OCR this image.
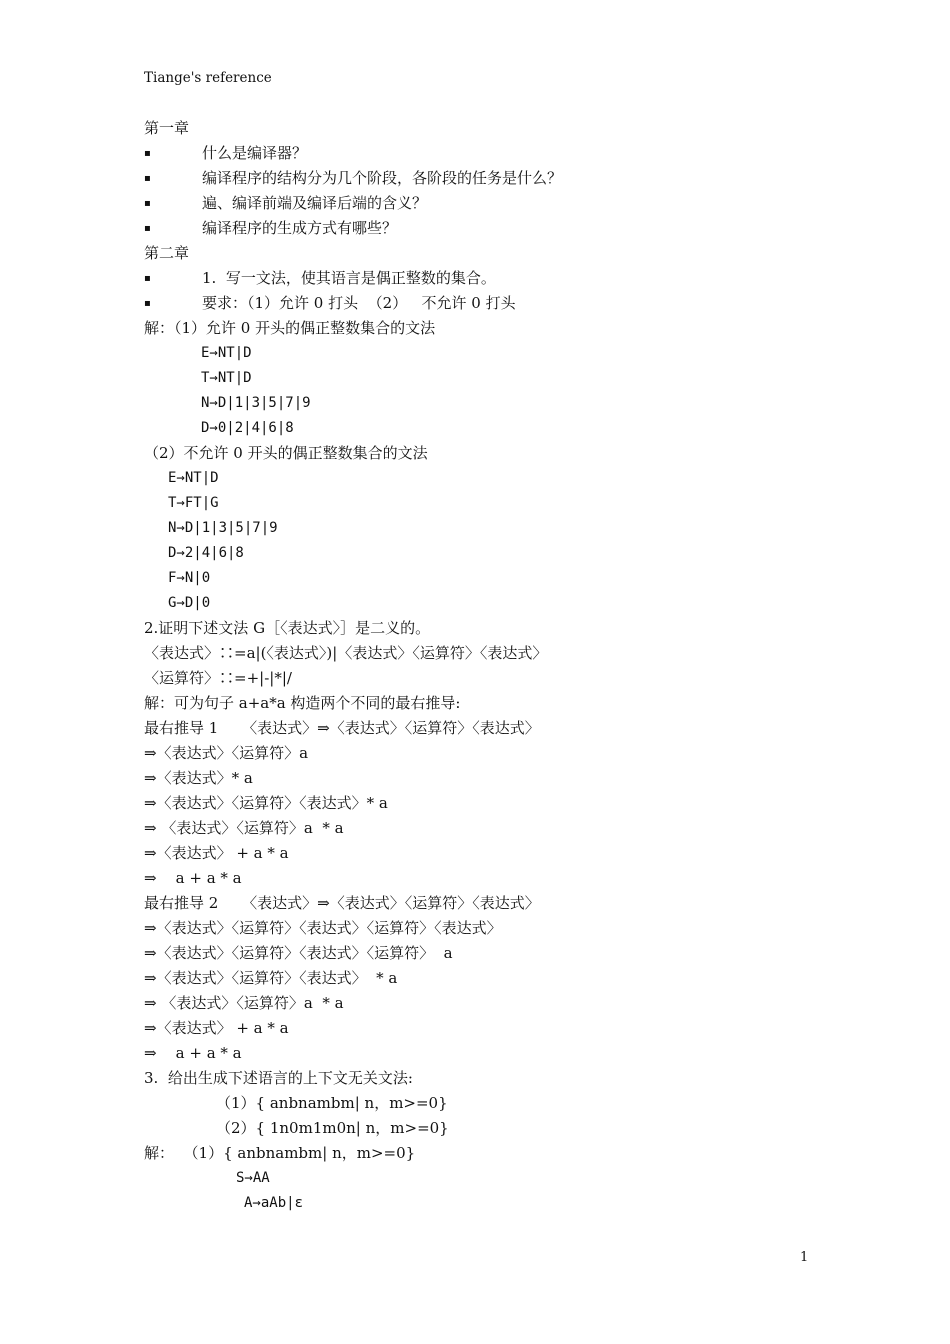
Tiange's reference
第一章
▪	什么是编译器？
▪	编译程序的结构分为几个阶段，各阶段的任务是什么？
▪	遍、编译前端及编译后端的含义？
▪	编译程序的生成方式有哪些？
第二章
▪	1.  写一文法，使其语言是偶正整数的集合。
▪	要求：（1）允许 0 打头  （2）   不允许 0 打头
解：（1）允许 0 开头的偶正整数集合的文法
E→NT|D
T→NT|D
N→D|1|3|5|7|9
D→0|2|4|6|8
（2）不允许 0 开头的偶正整数集合的文法
E→NT|D
T→FT|G
N→D|1|3|5|7|9
D→2|4|6|8
F→N|0
G→D|0
2.证明下述文法 G［〈表达式〉］是二义的。
〈表达式〉∷=a|(〈表达式〉)|〈表达式〉〈运算符〉〈表达式〉
〈运算符〉∷=+|-|*|/
解：可为句子 a+a*a 构造两个不同的最右推导:
最右推导 1     〈表达式〉⇒〈表达式〉〈运算符〉〈表达式〉
⇒〈表达式〉〈运算符〉a
⇒〈表达式〉* a
⇒〈表达式〉〈运算符〉〈表达式〉* a
⇒ 〈表达式〉〈运算符〉a  * a
⇒〈表达式〉 + a * a
⇒    a + a * a
最右推导 2     〈表达式〉⇒〈表达式〉〈运算符〉〈表达式〉
⇒〈表达式〉〈运算符〉〈表达式〉〈运算符〉〈表达式〉
⇒〈表达式〉〈运算符〉〈表达式〉〈运算符〉  a
⇒〈表达式〉〈运算符〉〈表达式〉  * a
⇒ 〈表达式〉〈运算符〉a  * a
⇒〈表达式〉 + a * a
⇒    a + a * a
3.  给出生成下述语言的上下文无关文法:
（1）{ anbnambm| n，m>=0}
（2）{ 1n0m1m0n| n，m>=0}
解：  （1）{ anbnambm| n，m>=0}
S→AA
A→aAb|ε
1
